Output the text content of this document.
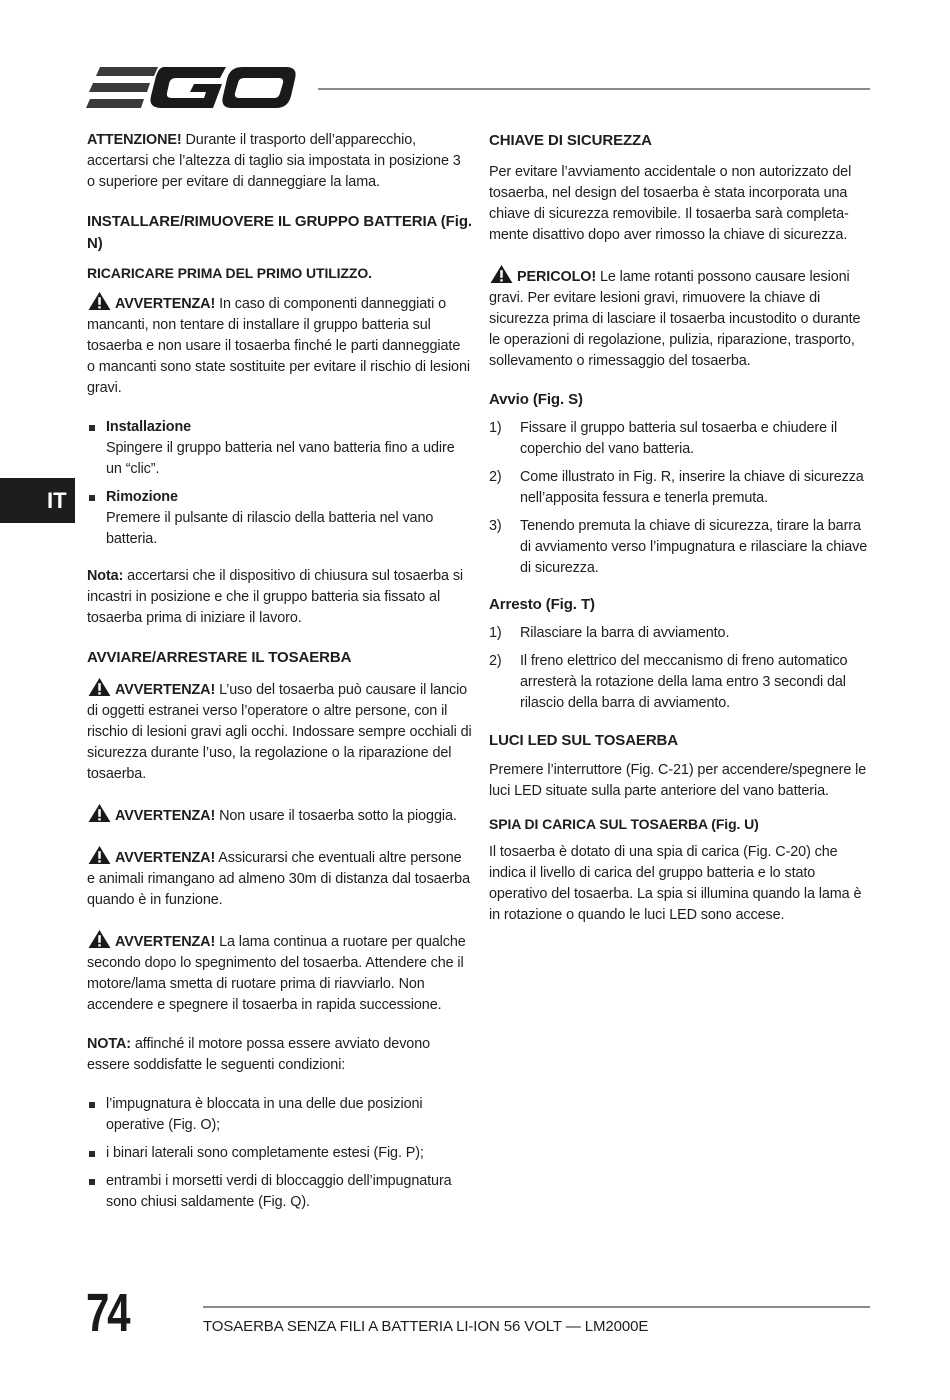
IT

ATTENZIONE! Durante il trasporto dell’apparecchio, accertarsi che l’altezza di taglio sia impostata in posizione 3 o superiore per evitare di danneggiare la lama.

INSTALLARE/RIMUOVERE IL GRUPPO BATTERIA (Fig. N)

RICARICARE PRIMA DEL PRIMO UTILIZZO.

AVVERTENZA! In caso di componenti danneggiati o mancanti, non tentare di installare il gruppo batteria sul tosaerba e non usare il tosaerba finché le parti danneggiate o mancanti sono state sostituite per evitare il rischio di lesioni gravi.

Installazione
Spingere il gruppo batteria nel vano batteria fino a udire un “clic”.
Rimozione
Premere il pulsante di rilascio della batteria nel vano batteria.

Nota: accertarsi che il dispositivo di chiusura sul tosaerba si incastri in posizione e che il gruppo batteria sia fissato al tosaerba prima di iniziare il lavoro.

AVVIARE/ARRESTARE IL TOSAERBA

AVVERTENZA! L’uso del tosaerba può causare il lancio di oggetti estranei verso l’operatore o altre persone, con il rischio di lesioni gravi agli occhi. Indossare sempre occhiali di sicurezza durante l’uso, la regolazione o la riparazione del tosaerba.

AVVERTENZA! Non usare il tosaerba sotto la pioggia.

AVVERTENZA! Assicurarsi che eventuali altre persone e animali rimangano ad almeno 30m di distanza dal tosaerba quando è in funzione.

AVVERTENZA! La lama continua a ruotare per qualche secondo dopo lo spegnimento del tosaerba. Attendere che il motore/lama smetta di ruotare prima di riavviarlo. Non accendere e spegnere il tosaerba in rapida successione.

NOTA: affinché il motore possa essere avviato devono essere soddisfatte le seguenti condizioni:

l’impugnatura è bloccata in una delle due posizioni operative (Fig. O);
i binari laterali sono completamente estesi (Fig. P);
entrambi i morsetti verdi di bloccaggio dell’impugnatura sono chiusi saldamente (Fig. Q).

CHIAVE DI SICUREZZA

Per evitare l’avviamento accidentale o non autorizzato del tosaerba, nel design del tosaerba è stata incorporata una chiave di sicurezza removibile. Il tosaerba sarà completamente disattivo dopo aver rimosso la chiave di sicurezza.

PERICOLO! Le lame rotanti possono causare lesioni gravi. Per evitare lesioni gravi, rimuovere la chiave di sicurezza prima di lasciare il tosaerba incustodito o durante le operazioni di regolazione, pulizia, riparazione, trasporto, sollevamento o rimessaggio del tosaerba.

Avvio (Fig. S)

1) Fissare il gruppo batteria sul tosaerba e chiudere il coperchio del vano batteria.
2) Come illustrato in Fig. R, inserire la chiave di sicurezza nell’apposita fessura e tenerla premuta.
3) Tenendo premuta la chiave di sicurezza, tirare la barra di avviamento verso l’impugnatura e rilasciare la chiave di sicurezza.

Arresto (Fig. T)

1) Rilasciare la barra di avviamento.
2) Il freno elettrico del meccanismo di freno automatico arresterà la rotazione della lama entro 3 secondi dal rilascio della barra di avviamento.

LUCI LED SUL TOSAERBA

Premere l’interruttore (Fig. C-21) per accendere/spegnere le luci LED situate sulla parte anteriore del vano batteria.

SPIA DI CARICA SUL TOSAERBA (Fig. U)

Il tosaerba è dotato di una spia di carica (Fig. C-20) che indica il livello di carica del gruppo batteria e lo stato operativo del tosaerba. La spia si illumina quando la lama è in rotazione o quando le luci LED sono accese.

74	TOSAERBA SENZA FILI A BATTERIA LI-ION 56 VOLT — LM2000E
